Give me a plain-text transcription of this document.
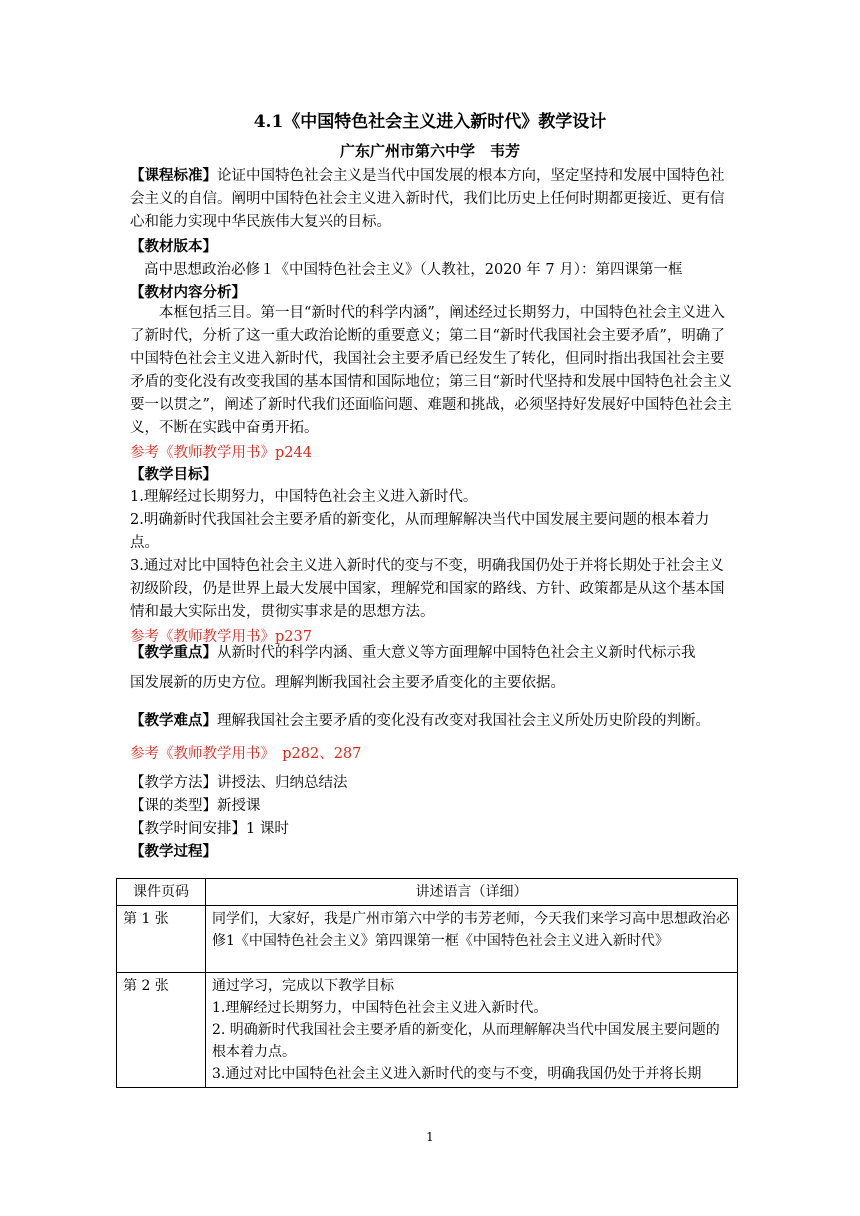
4.1《中国特色社会主义进入新时代》教学设计
广东广州市第六中学　韦芳
【课程标准】论证中国特色社会主义是当代中国发展的根本方向，坚定坚持和发展中国特色社会主义的自信。阐明中国特色社会主义进入新时代，我们比历史上任何时期都更接近、更有信心和能力实现中华民族伟大复兴的目标。
【教材版本】
高中思想政治必修１《中国特色社会主义》（人教社，2020 年 7 月）：第四课第一框
【教材内容分析】
本框包括三目。第一目“新时代的科学内涵”，阐述经过长期努力，中国特色社会主义进入了新时代，分析了这一重大政治论断的重要意义；第二目“新时代我国社会主要矛盾”，明确了中国特色社会主义进入新时代，我国社会主要矛盾已经发生了转化，但同时指出我国社会主要矛盾的变化没有改变我国的基本国情和国际地位；第三目“新时代坚持和发展中国特色社会主义要一以贯之”，阐述了新时代我们还面临问题、难题和挑战，必须坚持好发展好中国特色社会主义，不断在实践中奋勇开拓。
参考《教师教学用书》p244
【教学目标】
1.理解经过长期努力，中国特色社会主义进入新时代。
2.明确新时代我国社会主要矛盾的新变化，从而理解解决当代中国发展主要问题的根本着力点。
3.通过对比中国特色社会主义进入新时代的变与不变，明确我国仍处于并将长期处于社会主义初级阶段，仍是世界上最大发展中国家，理解党和国家的路线、方针、政策都是从这个基本国情和最大实际出发，贯彻实事求是的思想方法。
参考《教师教学用书》p237
【教学重点】从新时代的科学内涵、重大意义等方面理解中国特色社会主义新时代标示我
国发展新的历史方位。理解判断我国社会主要矛盾变化的主要依据。
【教学难点】理解我国社会主要矛盾的变化没有改变对我国社会主义所处历史阶段的判断。
参考《教师教学用书》　p282、287
【教学方法】讲授法、归纳总结法
【课的类型】新授课
【教学时间安排】1 课时
【教学过程】
课件页码	讲述语言（详细）
第 1 张	同学们，大家好，我是广州市第六中学的韦芳老师，今天我们来学习高中思想政治必修1《中国特色社会主义》第四课第一框《中国特色社会主义进入新时代》

第 2 张	通过学习，完成以下教学目标
1.理解经过长期努力，中国特色社会主义进入新时代。
2. 明确新时代我国社会主要矛盾的新变化，从而理解解决当代中国发展主要问题的根本着力点。
3.通过对比中国特色社会主义进入新时代的变与不变，明确我国仍处于并将长期
1
